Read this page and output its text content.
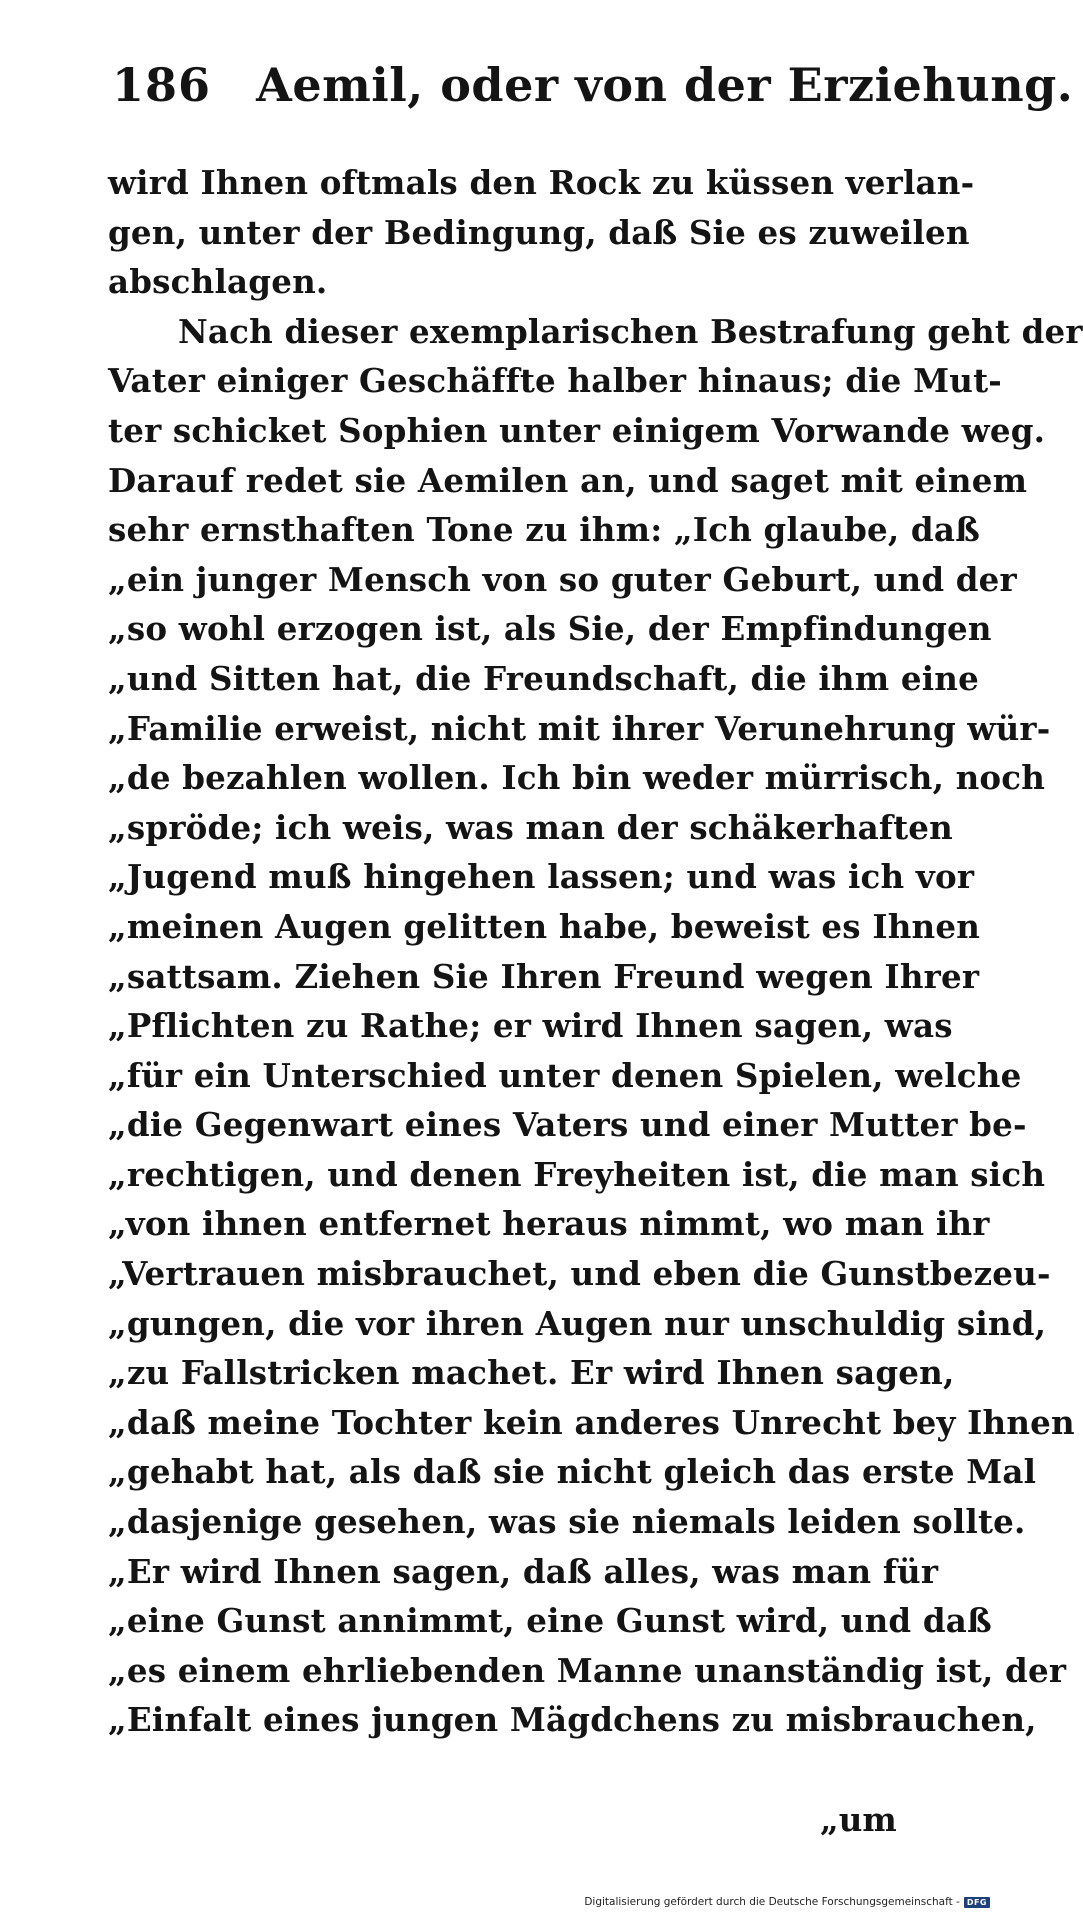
186 Aemil, oder von der Erziehung.
wird Ihnen oftmals den Rock zu küssen verlan-
gen, unter der Bedingung, daß Sie es zuweilen
abschlagen.
Nach dieser exemplarischen Bestrafung geht der
Vater einiger Geschäffte halber hinaus; die Mut-
ter schicket Sophien unter einigem Vorwande weg.
Darauf redet sie Aemilen an, und saget mit einem
sehr ernsthaften Tone zu ihm: „Ich glaube, daß
„ein junger Mensch von so guter Geburt, und der
„so wohl erzogen ist, als Sie, der Empfindungen
„und Sitten hat, die Freundschaft, die ihm eine
„Familie erweist, nicht mit ihrer Verunehrung wür-
„de bezahlen wollen. Ich bin weder mürrisch, noch
„spröde; ich weis, was man der schäkerhaften
„Jugend muß hingehen lassen; und was ich vor
„meinen Augen gelitten habe, beweist es Ihnen
„sattsam. Ziehen Sie Ihren Freund wegen Ihrer
„Pflichten zu Rathe; er wird Ihnen sagen, was
„für ein Unterschied unter denen Spielen, welche
„die Gegenwart eines Vaters und einer Mutter be-
„rechtigen, und denen Freyheiten ist, die man sich
„von ihnen entfernet heraus nimmt, wo man ihr
„Vertrauen misbrauchet, und eben die Gunstbezeu-
„gungen, die vor ihren Augen nur unschuldig sind,
„zu Fallstricken machet. Er wird Ihnen sagen,
„daß meine Tochter kein anderes Unrecht bey Ihnen
„gehabt hat, als daß sie nicht gleich das erste Mal
„dasjenige gesehen, was sie niemals leiden sollte.
„Er wird Ihnen sagen, daß alles, was man für
„eine Gunst annimmt, eine Gunst wird, und daß
„es einem ehrliebenden Manne unanständig ist, der
„Einfalt eines jungen Mägdchens zu misbrauchen,
„um
Digitalisierung gefördert durch die Deutsche Forschungsgemeinschaft - DFG
